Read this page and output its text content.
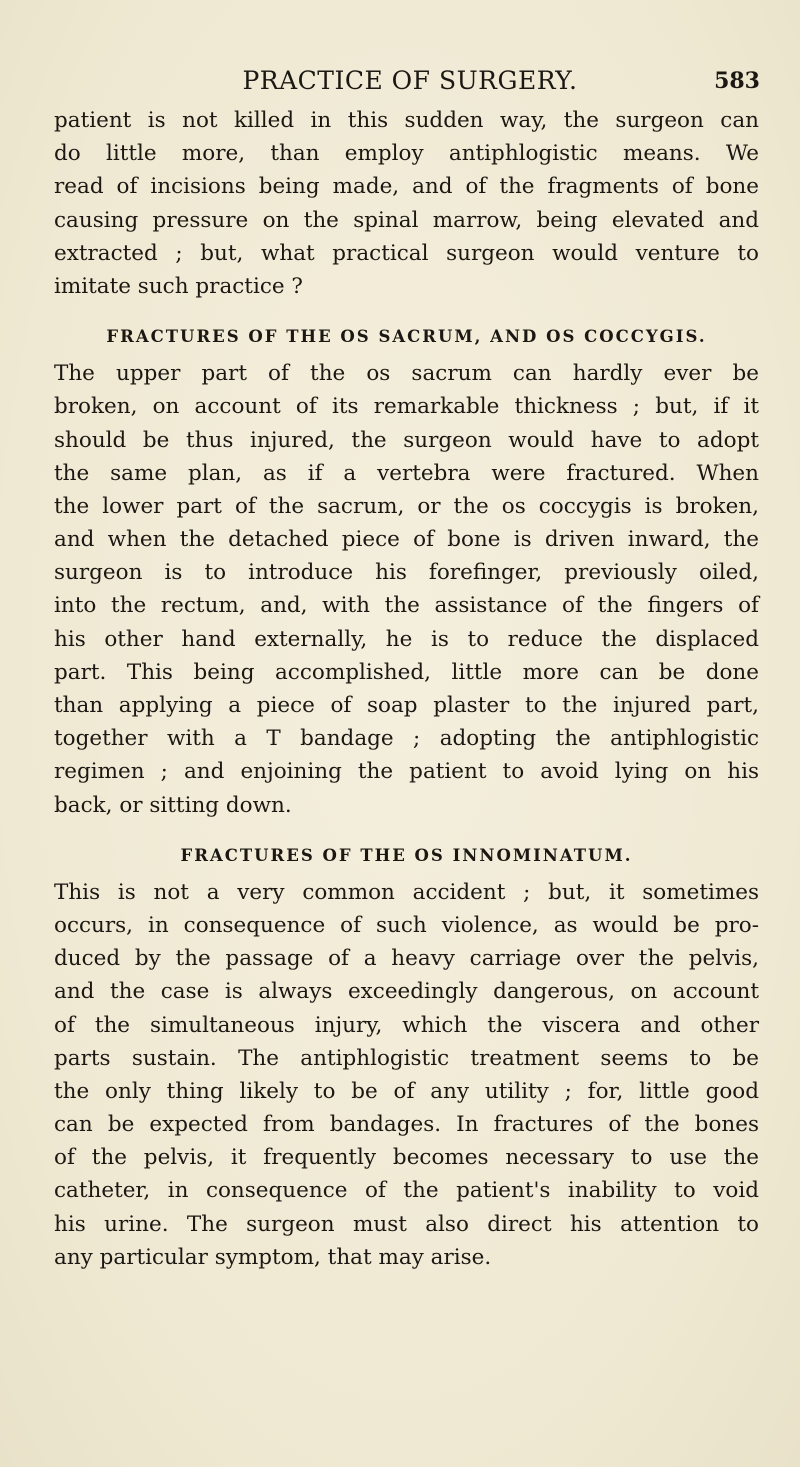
PRACTICE OF SURGERY.	583
patient is not killed in this sudden way, the surgeon can
do little more, than employ antiphlogistic means. We
read of incisions being made, and of the fragments of bone
causing pressure on the spinal marrow, being elevated and
extracted ; but, what practical surgeon would venture to
imitate such practice ?
FRACTURES OF THE OS SACRUM, AND OS COCCYGIS.
The upper part of the os sacrum can hardly ever be
broken, on account of its remarkable thickness ; but, if it
should be thus injured, the surgeon would have to adopt
the same plan, as if a vertebra were fractured. When
the lower part of the sacrum, or the os coccygis is broken,
and when the detached piece of bone is driven inward, the
surgeon is to introduce his forefinger, previously oiled,
into the rectum, and, with the assistance of the fingers of
his other hand externally, he is to reduce the displaced
part. This being accomplished, little more can be done
than applying a piece of soap plaster to the injured part,
together with a T bandage ; adopting the antiphlogistic
regimen ; and enjoining the patient to avoid lying on his
back, or sitting down.
FRACTURES OF THE OS INNOMINATUM.
This is not a very common accident ; but, it sometimes
occurs, in consequence of such violence, as would be pro-
duced by the passage of a heavy carriage over the pelvis,
and the case is always exceedingly dangerous, on account
of the simultaneous injury, which the viscera and other
parts sustain. The antiphlogistic treatment seems to be
the only thing likely to be of any utility ; for, little good
can be expected from bandages. In fractures of the bones
of the pelvis, it frequently becomes necessary to use the
catheter, in consequence of the patient's inability to void
his urine. The surgeon must also direct his attention to
any particular symptom, that may arise.
